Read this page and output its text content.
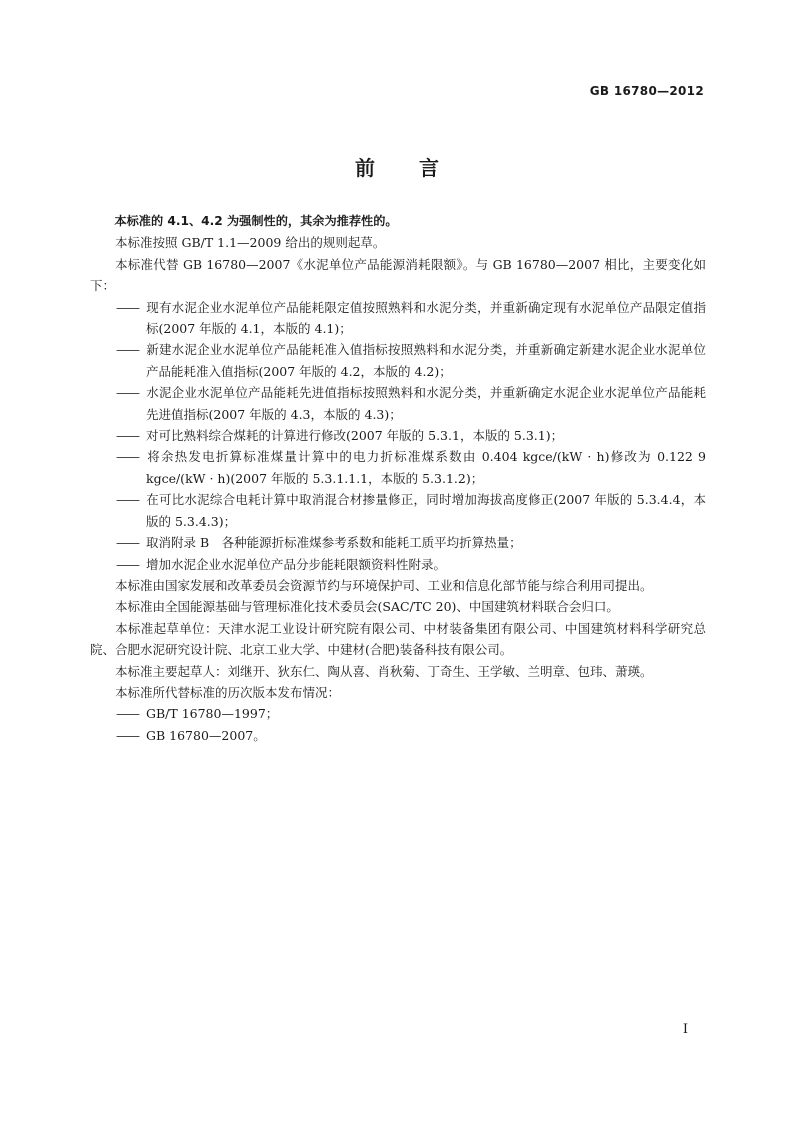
GB 16780—2012
前言

本标准的 4.1、4.2 为强制性的，其余为推荐性的。

本标准按照 GB/T 1.1—2009 给出的规则起草。

本标准代替 GB 16780—2007《水泥单位产品能源消耗限额》。与 GB 16780—2007 相比，主要变化如下：

—— 现有水泥企业水泥单位产品能耗限定值按照熟料和水泥分类，并重新确定现有水泥单位产品限定值指标(2007 年版的 4.1，本版的 4.1)；

—— 新建水泥企业水泥单位产品能耗准入值指标按照熟料和水泥分类，并重新确定新建水泥企业水泥单位产品能耗准入值指标(2007 年版的 4.2，本版的 4.2)；

—— 水泥企业水泥单位产品能耗先进值指标按照熟料和水泥分类，并重新确定水泥企业水泥单位产品能耗先进值指标(2007 年版的 4.3，本版的 4.3)；

—— 对可比熟料综合煤耗的计算进行修改(2007 年版的 5.3.1，本版的 5.3.1)；

—— 将余热发电折算标准煤量计算中的电力折标准煤系数由 0.404 kgce/(kW · h)修改为 0.122 9 kgce/(kW · h)(2007 年版的 5.3.1.1.1，本版的 5.3.1.2)；

—— 在可比水泥综合电耗计算中取消混合材掺量修正，同时增加海拔高度修正(2007 年版的 5.3.4.4，本版的 5.3.4.3)；

—— 取消附录 B　各种能源折标准煤参考系数和能耗工质平均折算热量；

—— 增加水泥企业水泥单位产品分步能耗限额资料性附录。

本标准由国家发展和改革委员会资源节约与环境保护司、工业和信息化部节能与综合利用司提出。

本标准由全国能源基础与管理标准化技术委员会(SAC/TC 20)、中国建筑材料联合会归口。

本标准起草单位：天津水泥工业设计研究院有限公司、中材装备集团有限公司、中国建筑材料科学研究总院、合肥水泥研究设计院、北京工业大学、中建材(合肥)装备科技有限公司。

本标准主要起草人：刘继开、狄东仁、陶从喜、肖秋菊、丁奇生、王学敏、兰明章、包玮、萧瑛。

本标准所代替标准的历次版本发布情况：

—— GB/T 16780—1997；

—— GB 16780—2007。

I
